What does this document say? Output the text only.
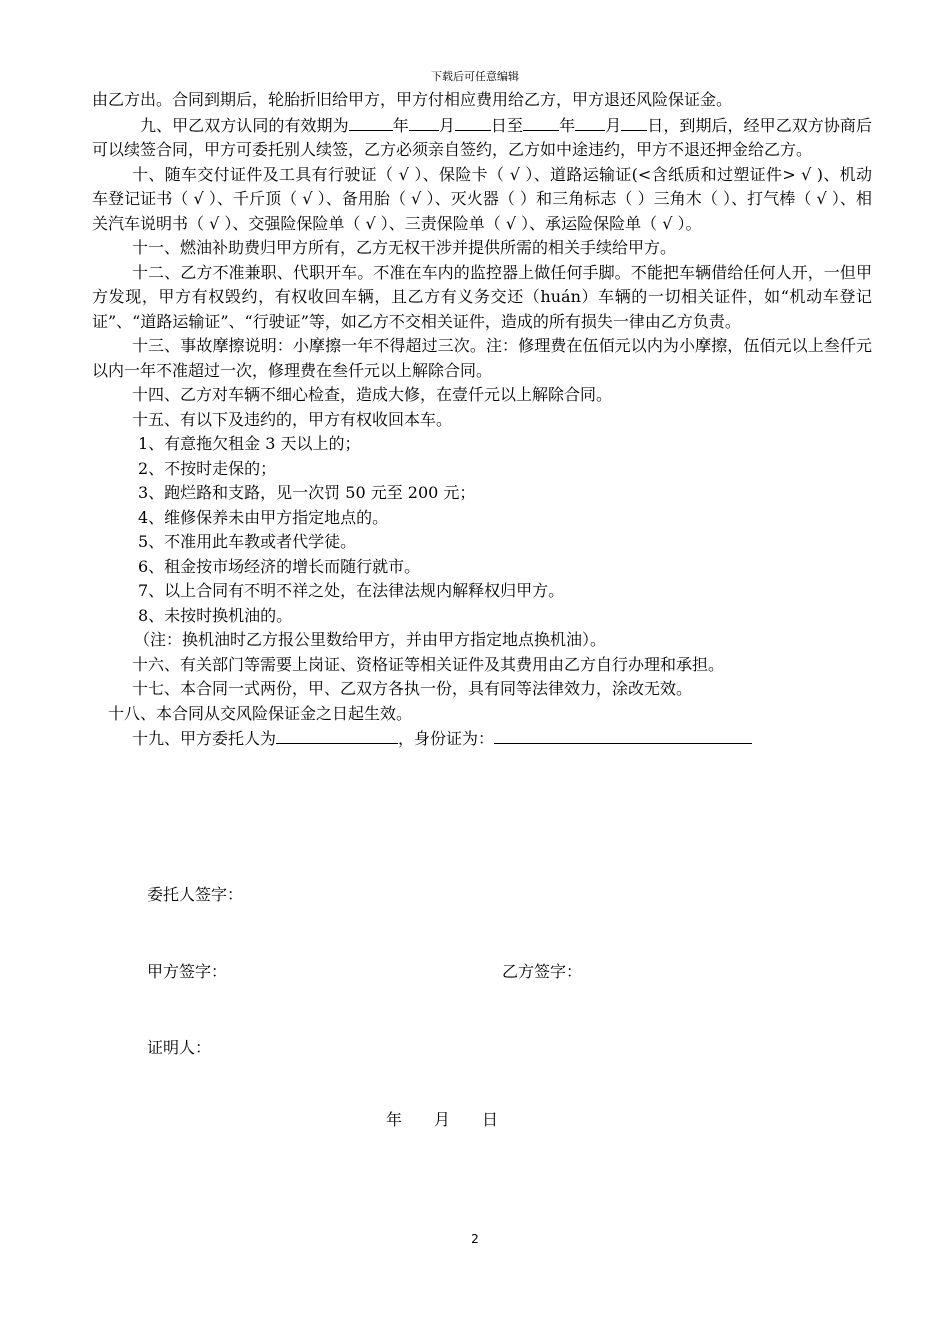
下载后可任意编辑

由乙方出。合同到期后，轮胎折旧给甲方，甲方付相应费用给乙方，甲方退还风险保证金。

九、甲乙双方认同的有效期为	年 月 日至 年 月 日，到期后，经甲乙双方协商后可以续签合同，甲方可委托别人续签，乙方必须亲自签约，乙方如中途违约，甲方不退还押金给乙方。

十、随车交付证件及工具有行驶证（ √ ）、保险卡（ √ ）、道路运输证(<含纸质和过塑证件> √ )、机动车登记证书（ √ ）、千斤顶（ √ ）、备用胎（ √ ）、灭火器（ ）和三角标志（ ）三角木（ ）、打气棒（ √ ）、相关汽车说明书（ √ ）、交强险保险单（ √ ）、三责保险单（ √ ）、承运险保险单（ √ ）。

十一、燃油补助费归甲方所有，乙方无权干涉并提供所需的相关手续给甲方。

十二、乙方不准兼职、代职开车。不准在车内的监控器上做任何手脚。不能把车辆借给任何人开，一但甲方发现，甲方有权毁约，有权收回车辆，且乙方有义务交还（huán）车辆的一切相关证件，如“机动车登记证”、“道路运输证”、“行驶证”等，如乙方不交相关证件，造成的所有损失一律由乙方负责。

十三、事故摩擦说明：小摩擦一年不得超过三次。注：修理费在伍佰元以内为小摩擦，伍佰元以上叁仟元以内一年不准超过一次，修理费在叁仟元以上解除合同。

十四、乙方对车辆不细心检查，造成大修，在壹仟元以上解除合同。

十五、有以下及违约的，甲方有权收回本车。

1、有意拖欠租金 3 天以上的；

2、不按时走保的；

3、跑烂路和支路，见一次罚 50 元至 200 元；

4、维修保养未由甲方指定地点的。

5、不准用此车教或者代学徒。

6、租金按市场经济的增长而随行就市。

7、以上合同有不明不祥之处，在法律法规内解释权归甲方。

8、未按时换机油的。

（注：换机油时乙方报公里数给甲方，并由甲方指定地点换机油）。

十六、有关部门等需要上岗证、资格证等相关证件及其费用由乙方自行办理和承担。

十七、本合同一式两份，甲、乙双方各执一份，具有同等法律效力，涂改无效。

十八、本合同从交风险保证金之日起生效。

十九、甲方委托人为	，身份证为：

委托人签字：
甲方签字：	乙方签字：
证明人：
年　　月　　日
2
